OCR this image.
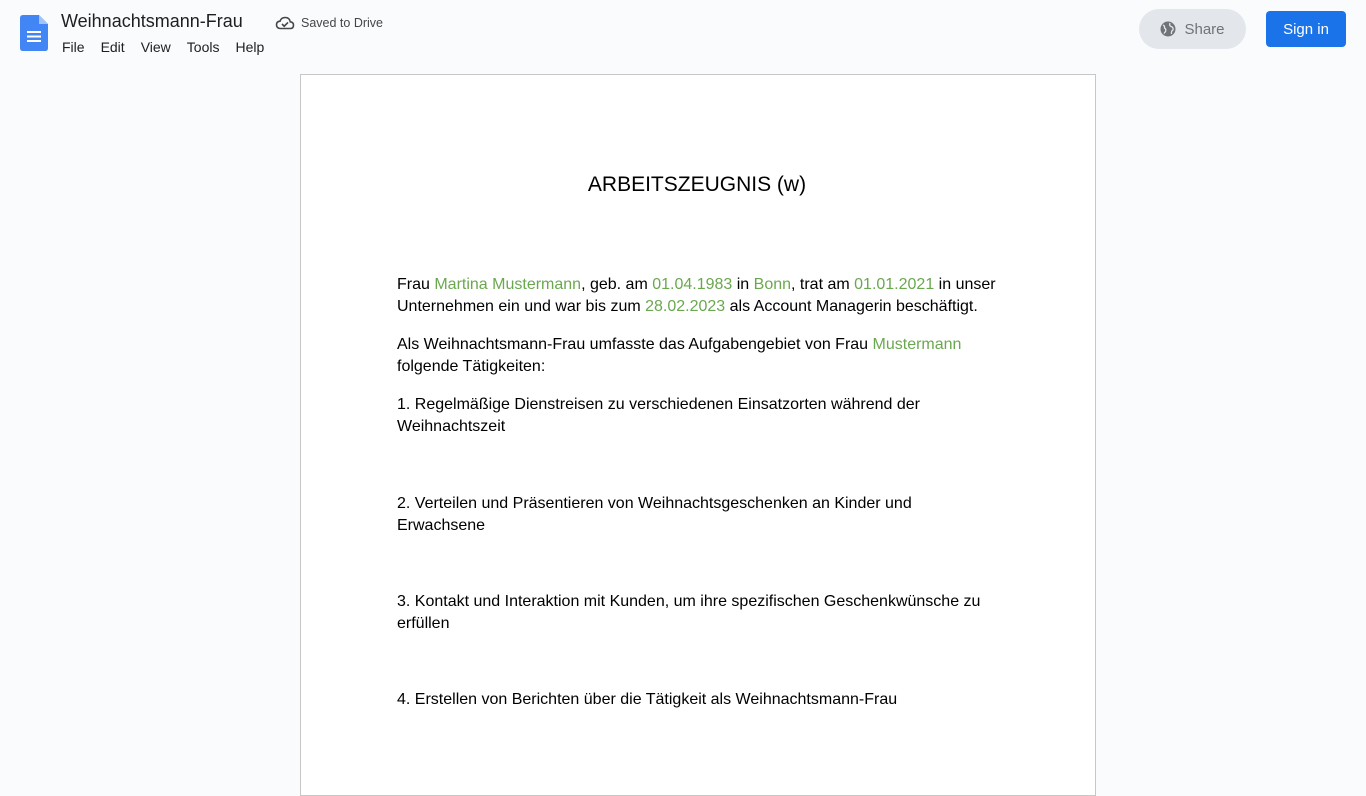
Weihnachtsmann-Frau	Saved to Drive
File	Edit	View	Tools	Help
Share	Sign in
ARBEITSZEUGNIS (w)

Frau Martina Mustermann, geb. am 01.04.1983 in Bonn, trat am 01.01.2021 in unser Unternehmen ein und war bis zum 28.02.2023 als Account Managerin beschäftigt.

Als Weihnachtsmann-Frau umfasste das Aufgabengebiet von Frau Mustermann folgende Tätigkeiten:

1. Regelmäßige Dienstreisen zu verschiedenen Einsatzorten während der Weihnachtszeit

2. Verteilen und Präsentieren von Weihnachtsgeschenken an Kinder und Erwachsene

3. Kontakt und Interaktion mit Kunden, um ihre spezifischen Geschenkwünsche zu erfüllen

4. Erstellen von Berichten über die Tätigkeit als Weihnachtsmann-Frau
